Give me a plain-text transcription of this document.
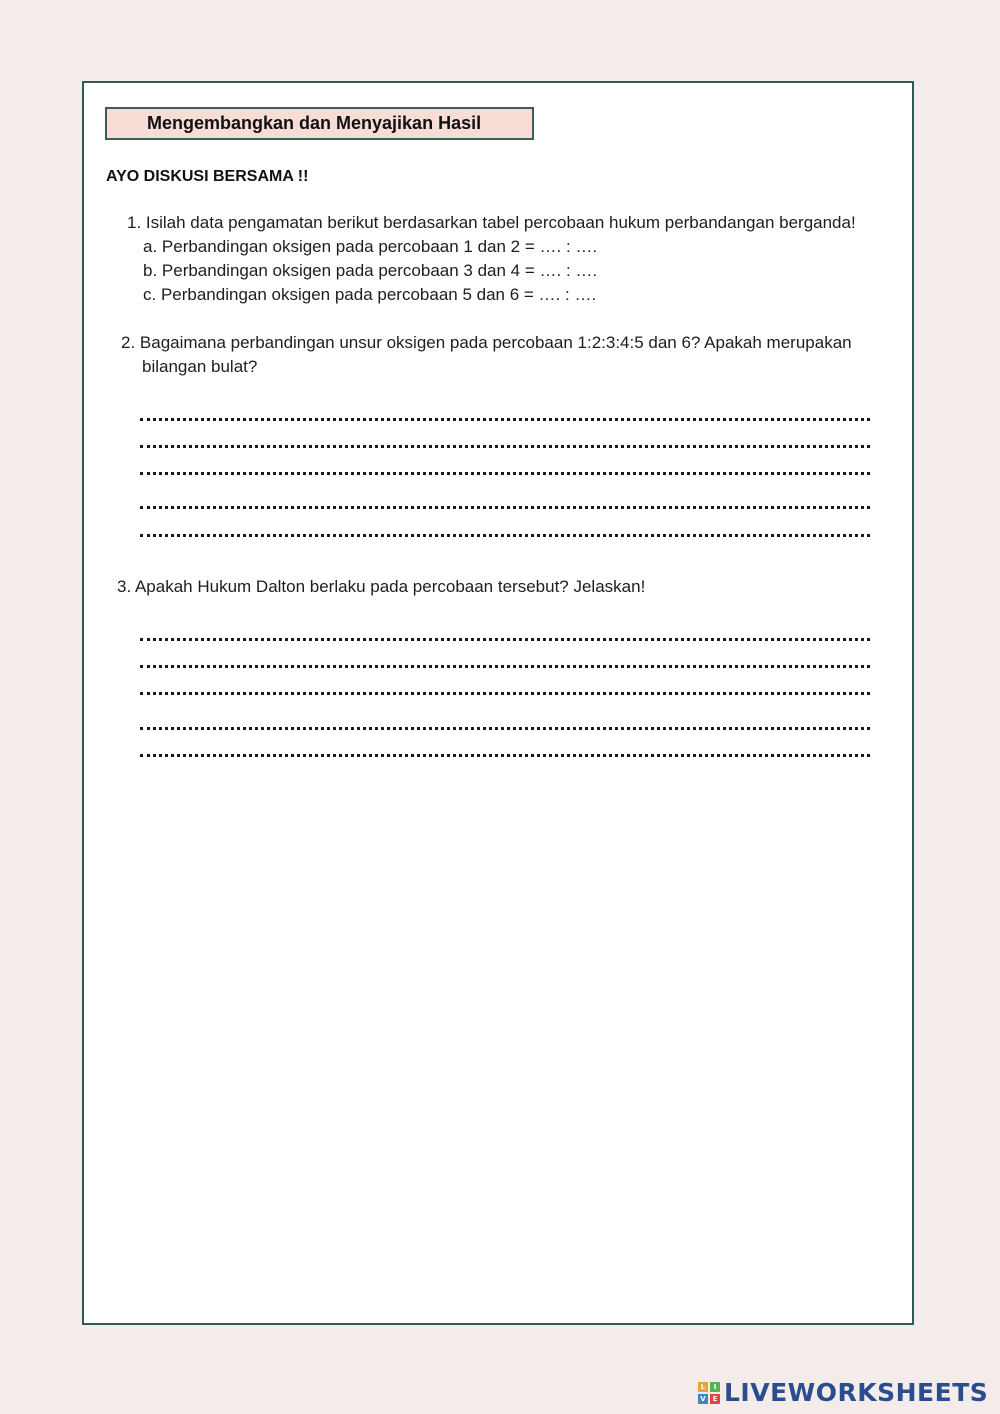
Mengembangkan dan Menyajikan Hasil
AYO DISKUSI BERSAMA !!
1. Isilah data pengamatan berikut berdasarkan tabel percobaan hukum perbandangan berganda!
a. Perbandingan oksigen pada percobaan 1 dan 2 = …. : ….
b. Perbandingan oksigen pada percobaan 3 dan 4 = …. : ….
c. Perbandingan oksigen pada percobaan 5 dan 6 = …. : ….
2. Bagaimana perbandingan unsur oksigen pada percobaan 1:2:3:4:5 dan 6? Apakah merupakan
bilangan bulat?
3. Apakah Hukum Dalton berlaku pada percobaan tersebut? Jelaskan!
L	I
V E LIVEWORKSHEETS
